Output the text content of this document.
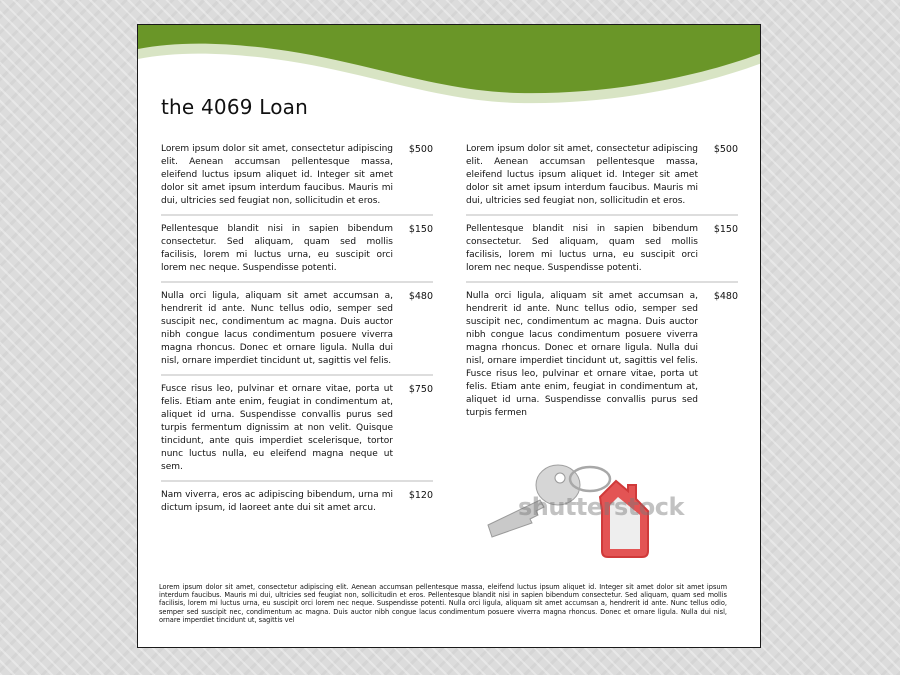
the 4069 Loan
Lorem ipsum dolor sit amet, consectetur adipiscing elit. Aenean accumsan pellentesque massa, eleifend luctus ipsum aliquet id. Integer sit amet dolor sit amet ipsum interdum faucibus. Mauris mi dui, ultricies sed feugiat non, sollicitudin et eros.
$500
Pellentesque blandit nisi in sapien bibendum consectetur. Sed aliquam, quam sed mollis facilisis, lorem mi luctus urna, eu suscipit orci lorem nec neque. Suspendisse potenti.
$150
Nulla orci ligula, aliquam sit amet accumsan a, hendrerit id ante. Nunc tellus odio, semper sed suscipit nec, condimentum ac magna. Duis auctor nibh congue lacus condimentum posuere viverra magna rhoncus. Donec et ornare ligula. Nulla dui nisl, ornare imperdiet tincidunt ut, sagittis vel felis.
$480
Fusce risus leo, pulvinar et ornare vitae, porta ut felis. Etiam ante enim, feugiat in condimentum at, aliquet id urna. Suspendisse convallis purus sed turpis fermentum dignissim at non velit. Quisque tincidunt, ante quis imperdiet scelerisque, tortor nunc luctus nulla, eu eleifend magna neque ut sem.
$750
Nam viverra, eros ac adipiscing bibendum, urna mi dictum ipsum, id laoreet ante dui sit amet arcu.
$120
Lorem ipsum dolor sit amet, consectetur adipiscing elit. Aenean accumsan pellentesque massa, eleifend luctus ipsum aliquet id. Integer sit amet dolor sit amet ipsum interdum faucibus. Mauris mi dui, ultricies sed feugiat non, sollicitudin et eros.
$500
Pellentesque blandit nisi in sapien bibendum consectetur. Sed aliquam, quam sed mollis facilisis, lorem mi luctus urna, eu suscipit orci lorem nec neque. Suspendisse potenti.
$150
Nulla orci ligula, aliquam sit amet accumsan a, hendrerit id ante. Nunc tellus odio, semper sed suscipit nec, condimentum ac magna. Duis auctor nibh congue lacus condimentum posuere viverra magna rhoncus. Donec et ornare ligula. Nulla dui nisl, ornare imperdiet tincidunt ut, sagittis vel felis. Fusce risus leo, pulvinar et ornare vitae, porta ut felis. Etiam ante enim, feugiat in condimentum at, aliquet id urna. Suspendisse convallis purus sed turpis fermen
$480
shutterstock
Lorem ipsum dolor sit amet, consectetur adipiscing elit. Aenean accumsan pellentesque massa, eleifend luctus ipsum aliquet id. Integer sit amet dolor sit amet ipsum interdum faucibus. Mauris mi dui, ultricies sed feugiat non, sollicitudin et eros. Pellentesque blandit nisi in sapien bibendum consectetur. Sed aliquam, quam sed mollis facilisis, lorem mi luctus urna, eu suscipit orci lorem nec neque. Suspendisse potenti. Nulla orci ligula, aliquam sit amet accumsan a, hendrerit id ante. Nunc tellus odio, semper sed suscipit nec, condimentum ac magna. Duis auctor nibh congue lacus condimentum posuere viverra magna rhoncus. Donec et ornare ligula. Nulla dui nisl, ornare imperdiet tincidunt ut, sagittis vel
